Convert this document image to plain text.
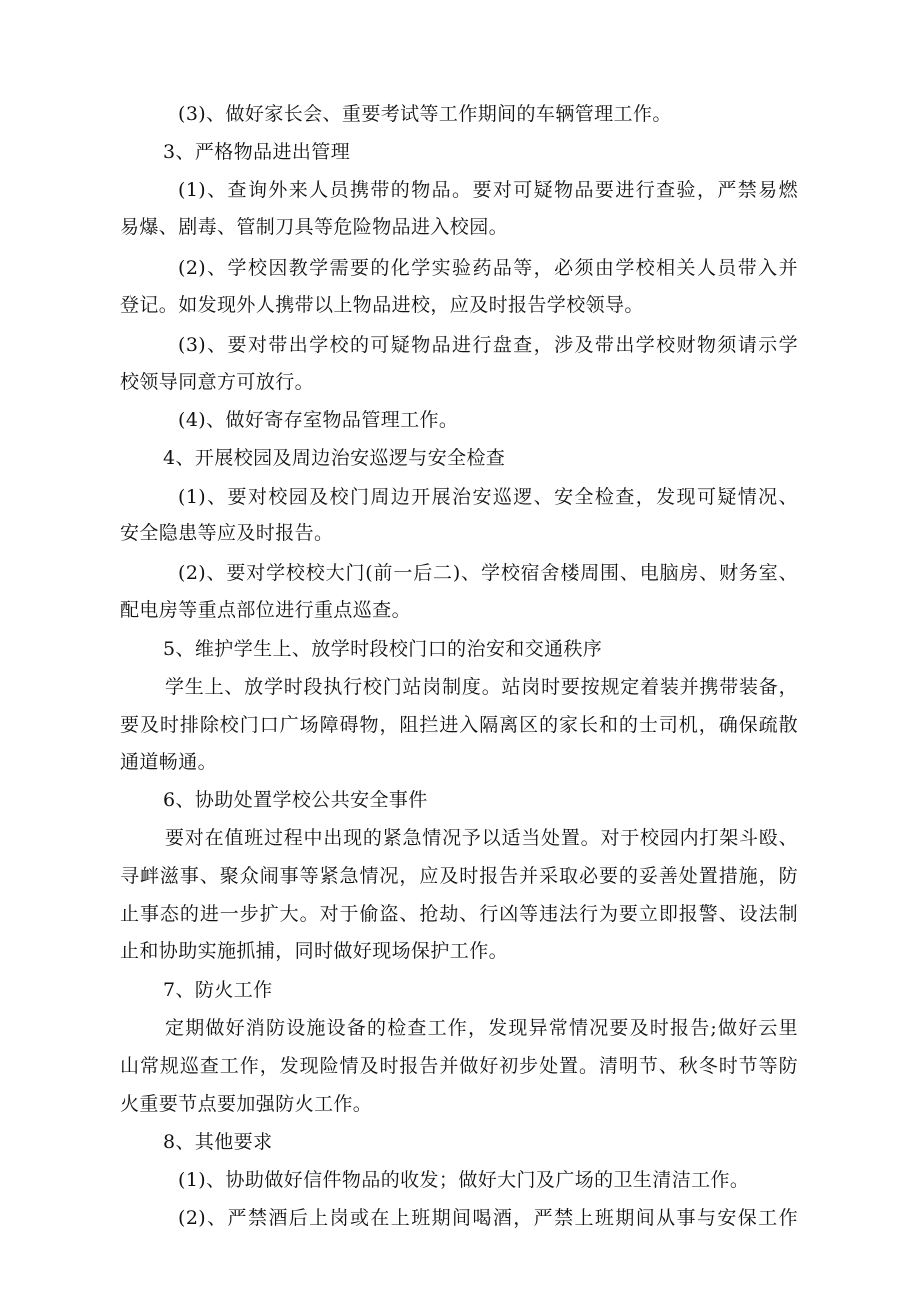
(3)、做好家长会、重要考试等工作期间的车辆管理工作。
3、严格物品进出管理
(1)、查询外来人员携带的物品。要对可疑物品要进行查验，严禁易燃
易爆、剧毒、管制刀具等危险物品进入校园。
(2)、学校因教学需要的化学实验药品等，必须由学校相关人员带入并
登记。如发现外人携带以上物品进校，应及时报告学校领导。
(3)、要对带出学校的可疑物品进行盘查，涉及带出学校财物须请示学
校领导同意方可放行。
(4)、做好寄存室物品管理工作。
4、开展校园及周边治安巡逻与安全检查
(1)、要对校园及校门周边开展治安巡逻、安全检查，发现可疑情况、
安全隐患等应及时报告。
(2)、要对学校校大门(前一后二)、学校宿舍楼周围、电脑房、财务室、
配电房等重点部位进行重点巡查。
5、维护学生上、放学时段校门口的治安和交通秩序
学生上、放学时段执行校门站岗制度。站岗时要按规定着装并携带装备，
要及时排除校门口广场障碍物，阻拦进入隔离区的家长和的士司机，确保疏散
通道畅通。
6、协助处置学校公共安全事件
要对在值班过程中出现的紧急情况予以适当处置。对于校园内打架斗殴、
寻衅滋事、聚众闹事等紧急情况，应及时报告并采取必要的妥善处置措施，防
止事态的进一步扩大。对于偷盗、抢劫、行凶等违法行为要立即报警、设法制
止和协助实施抓捕，同时做好现场保护工作。
7、防火工作
定期做好消防设施设备的检查工作，发现异常情况要及时报告;做好云里
山常规巡查工作，发现险情及时报告并做好初步处置。清明节、秋冬时节等防
火重要节点要加强防火工作。
8、其他要求
(1)、协助做好信件物品的收发；做好大门及广场的卫生清洁工作。
(2)、严禁酒后上岗或在上班期间喝酒，严禁上班期间从事与安保工作
